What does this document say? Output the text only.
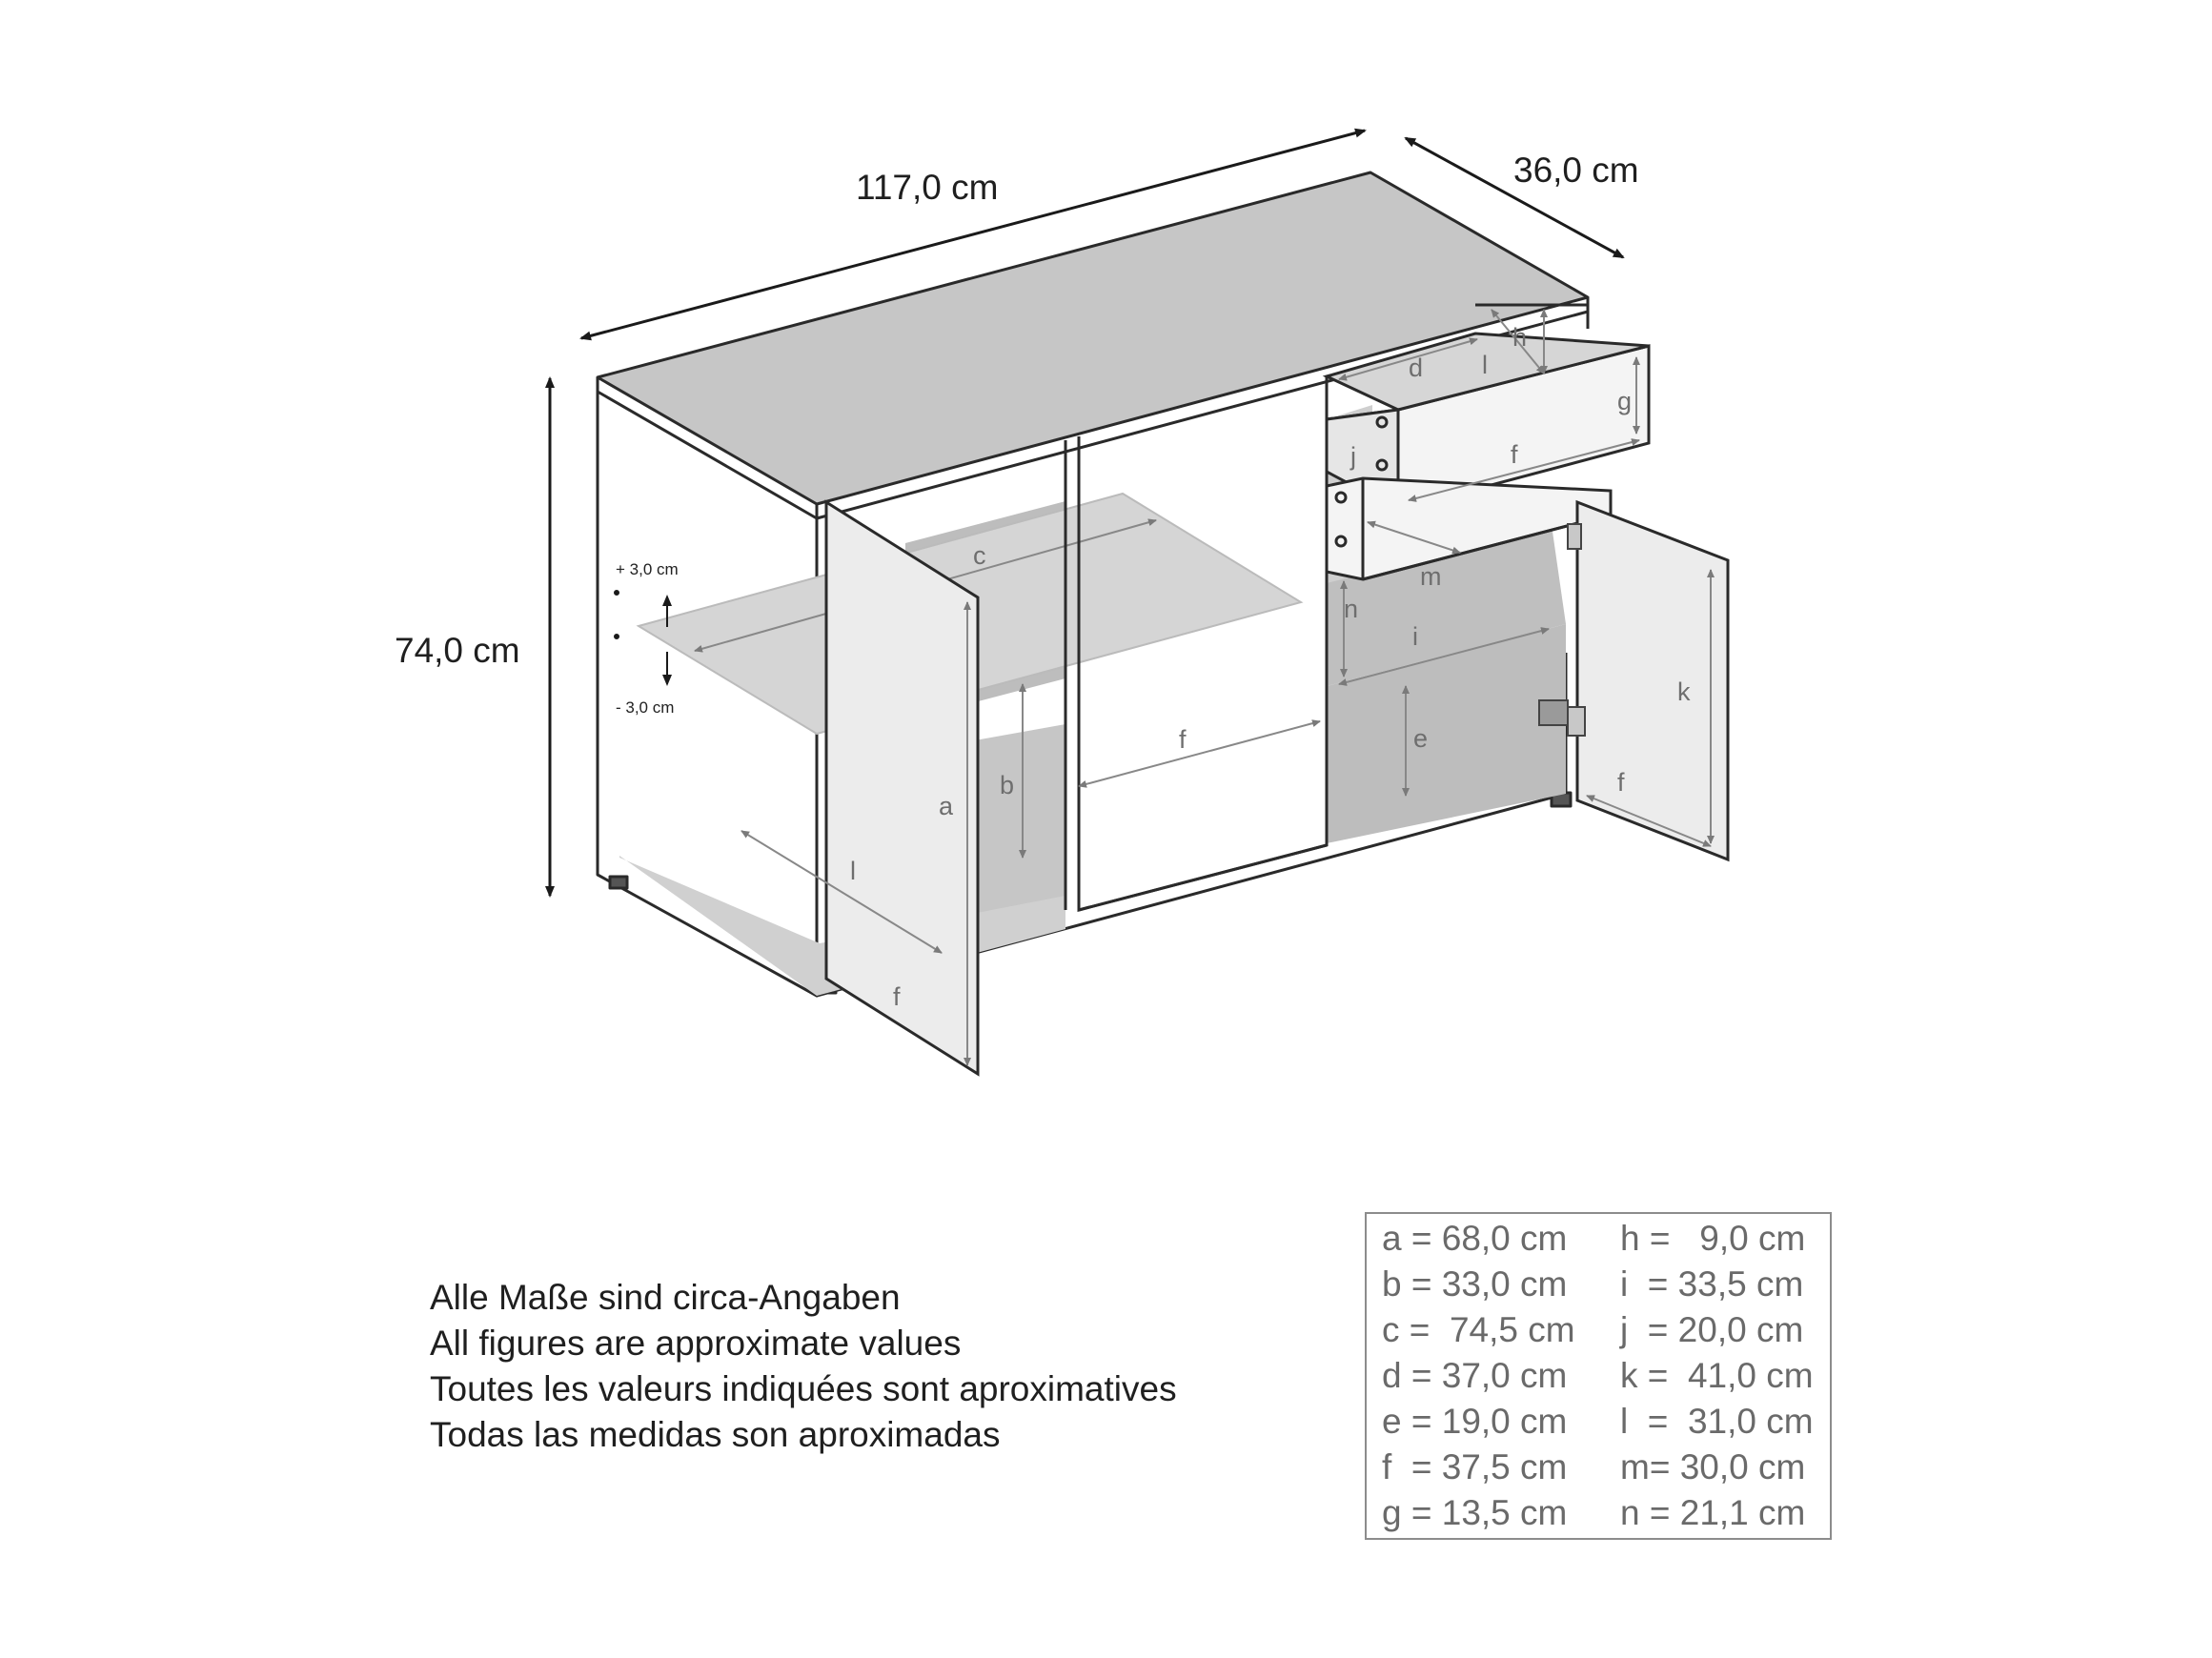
117,0 cm	36,0 cm
74,0 cm
+ 3,0 cm
- 3,0 cm
a
b
c
d
e
f
f
f
f
g
h
i
j
k
l
l
m
n
Alle Maße sind circa-Angaben
All figures are approximate values
Toutes les valeurs indiquées sont aproximatives
Todas las medidas son aproximadas
a = 68,0 cm h =   9,0 cm
b = 33,0 cm i  = 33,5 cm
c =  74,5 cm j  = 20,0 cm
d = 37,0 cm k =  41,0 cm
e = 19,0 cm l  =  31,0 cm
f  = 37,5 cm m= 30,0 cm
g = 13,5 cm n = 21,1 cm
